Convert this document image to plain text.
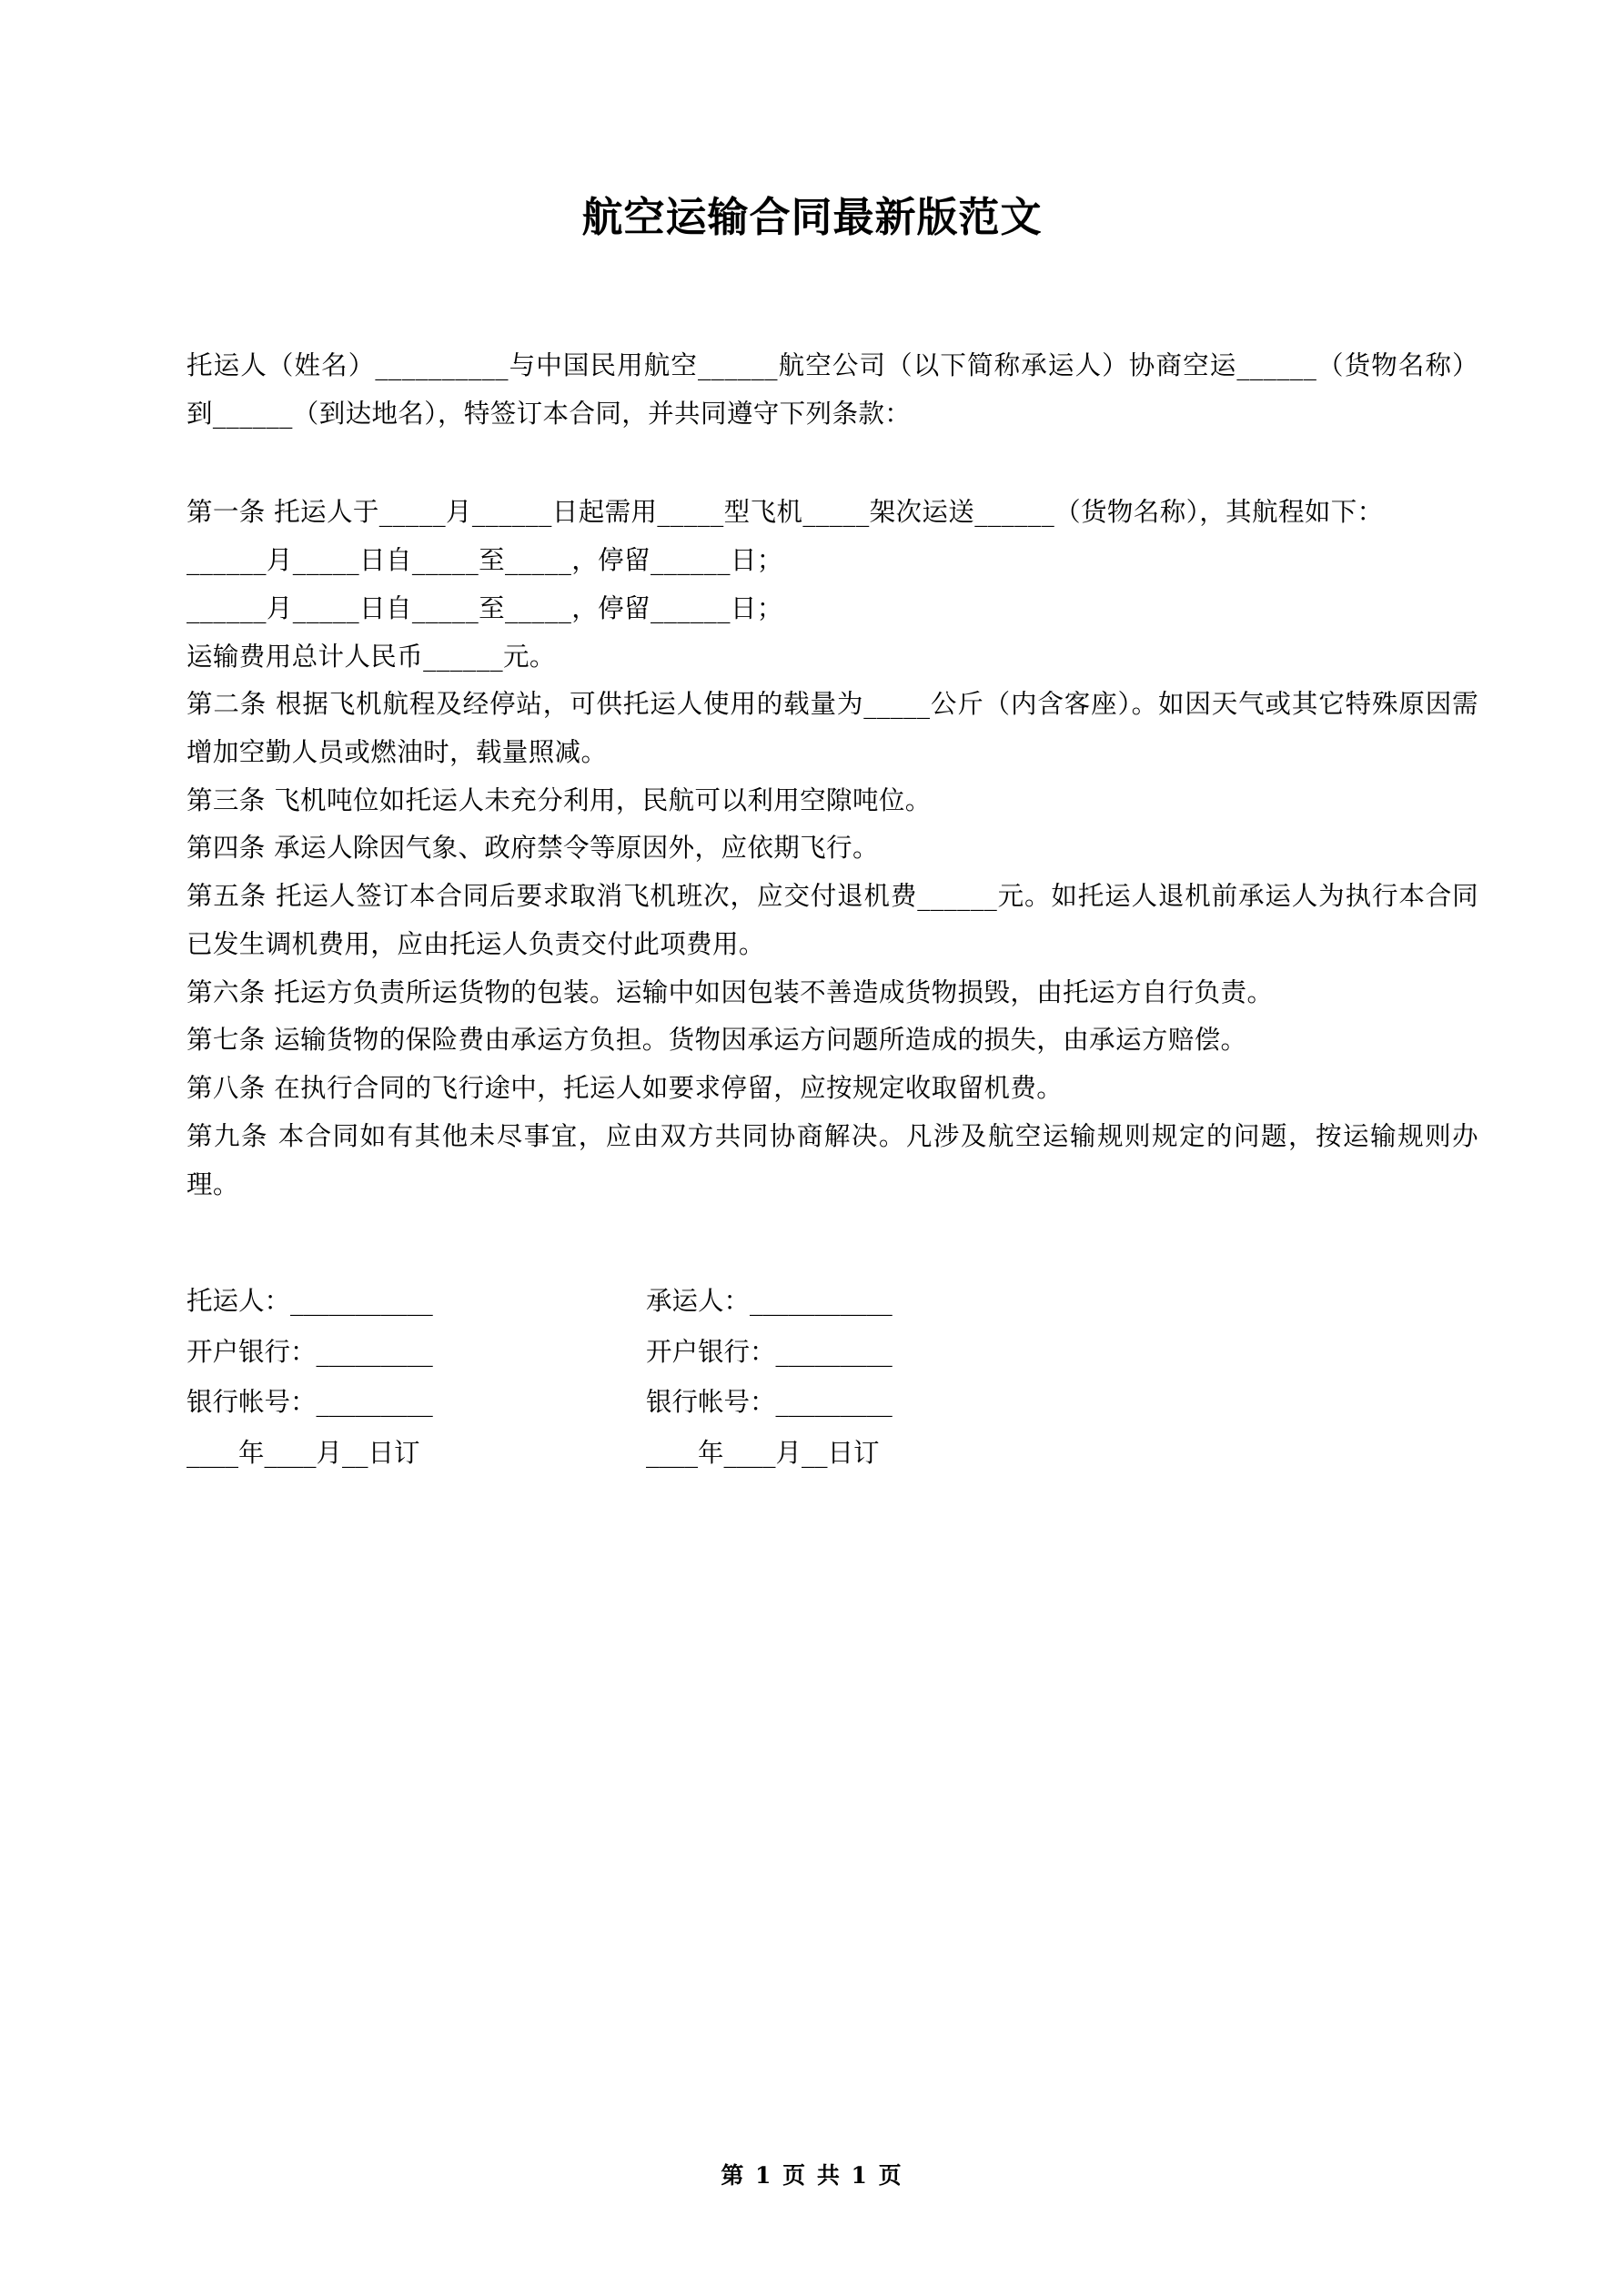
航空运输合同最新版范文

托运人（姓名）__________与中国民用航空______航空公司（以下简称承运人）协商空运______（货物名称）到______（到达地名），特签订本合同，并共同遵守下列条款：

第一条 托运人于_____月______日起需用_____型飞机_____架次运送______（货物名称），其航程如下：

______月_____日自_____至_____，停留______日；

______月_____日自_____至_____，停留______日；

运输费用总计人民币______元。

第二条 根据飞机航程及经停站，可供托运人使用的载量为_____公斤（内含客座）。如因天气或其它特殊原因需增加空勤人员或燃油时，载量照减。

第三条 飞机吨位如托运人未充分利用，民航可以利用空隙吨位。

第四条 承运人除因气象、政府禁令等原因外，应依期飞行。

第五条 托运人签订本合同后要求取消飞机班次，应交付退机费______元。如托运人退机前承运人为执行本合同已发生调机费用，应由托运人负责交付此项费用。

第六条 托运方负责所运货物的包装。运输中如因包装不善造成货物损毁，由托运方自行负责。

第七条 运输货物的保险费由承运方负担。货物因承运方问题所造成的损失，由承运方赔偿。

第八条 在执行合同的飞行途中，托运人如要求停留，应按规定收取留机费。

第九条 本合同如有其他未尽事宜，应由双方共同协商解决。凡涉及航空运输规则规定的问题，按运输规则办理。

托运人：___________	承运人：___________
开户银行：_________	开户银行：_________
银行帐号：_________	银行帐号：_________
____年____月__日订	____年____月__日订
第 1 页 共 1 页
